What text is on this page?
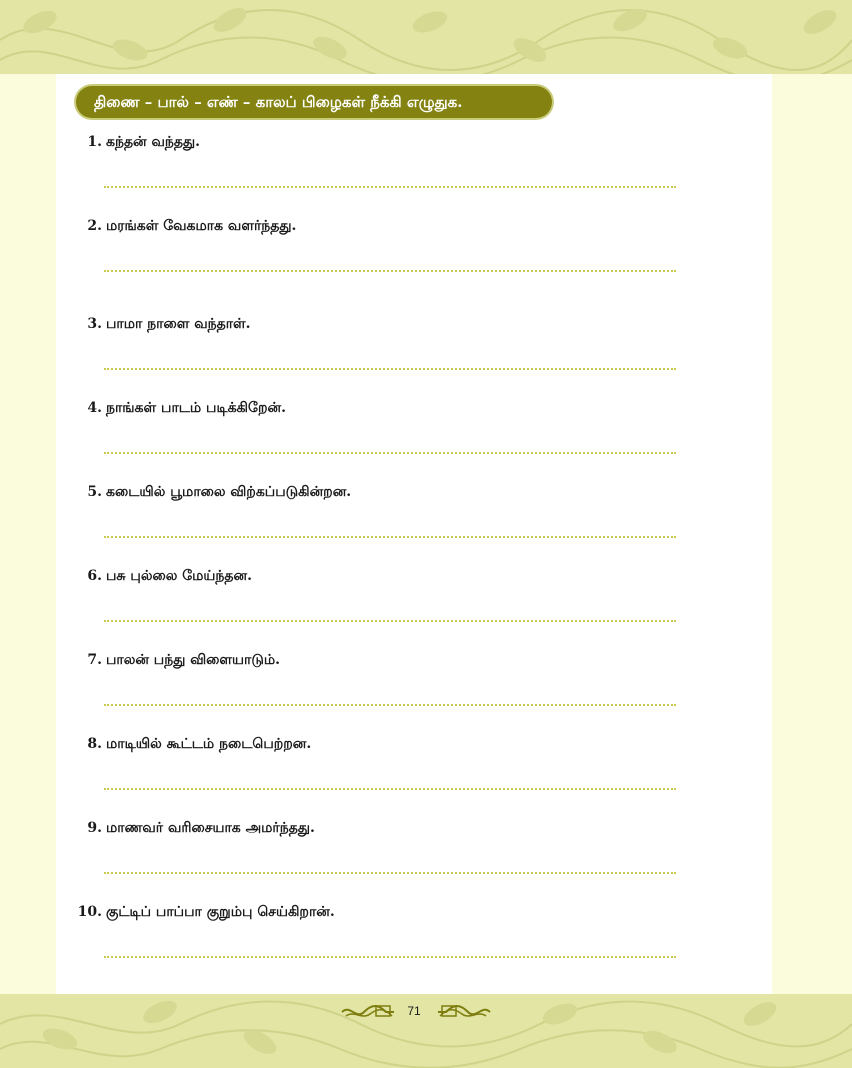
திணை – பால் – எண் – காலப் பிழைகள் நீக்கி எழுதுக.
1. கந்தன் வந்தது.
2. மரங்கள் வேகமாக வளர்ந்தது.
3. பாமா நாளை வந்தாள்.
4. நாங்கள் பாடம் படிக்கிறேன்.
5. கடையில் பூமாலை விற்கப்படுகின்றன.
6. பசு புல்லை மேய்ந்தன.
7. பாலன் பந்து விளையாடும்.
8. மாடியில் கூட்டம் நடைபெற்றன.
9. மாணவர் வரிசையாக அமர்ந்தது.
10. குட்டிப் பாப்பா குறும்பு செய்கிறான்.
71
